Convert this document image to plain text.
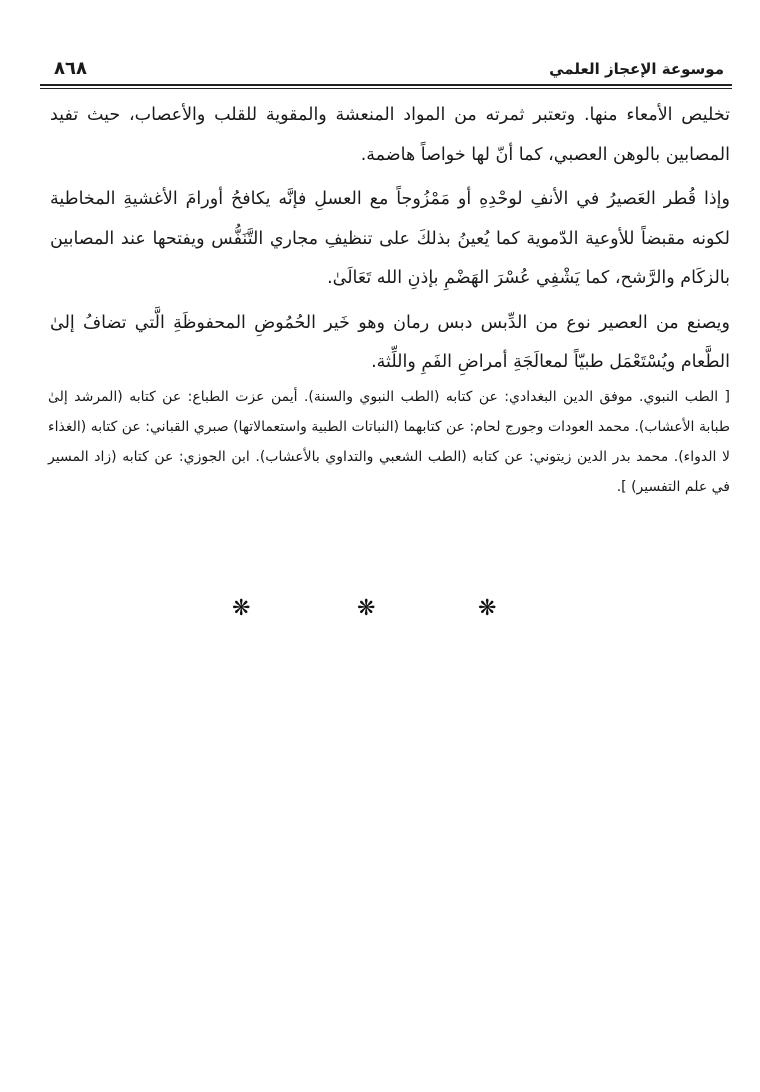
موسوعة الإعجاز العلمي
٨٦٨

تخليص الأمعاء منها. وتعتبر ثمرته من المواد المنعشة والمقوية للقلب والأعصاب، حيث تفيد المصابين بالوهن العصبي، كما أنّ لها خواصاً هاضمة.

وإذا قُطر العَصيرُ في الأنفِ لوحْدِهِ أو مَمْزُوجاً مع العسلِ فإنَّه يكافحُ أورامَ الأغشيةِ المخاطية لكونه مقبضاً للأوعية الدّموية كما يُعينُ بذلكَ على تنظيفِ مجاري التَّنَفُّس ويفتحها عند المصابين بالزكَام والرَّشح، كما يَشْفِي عُسْرَ الهَضْمِ بإذنِ الله تَعَالَىٰ.

ويصنع من العصير نوع من الدِّبس دبس رمان وهو خَير الحُمُوضِ المحفوظَةِ الَّتي تضافُ إلىٰ الطَّعام ويُسْتَعْمَل طبيّاً لمعالَجَةِ أمراضِ الفَمِ واللِّثة.

[ الطب النبوي. موفق الدين البغدادي: عن كتابه (الطب النبوي والسنة). أيمن عزت الطباع: عن كتابه (المرشد إلىٰ طبابة الأعشاب). محمد العودات وجورج لحام: عن كتابهما (النباتات الطبية واستعمالاتها) صبري القباني: عن كتابه (الغذاء لا الدواء). محمد بدر الدين زيتوني: عن كتابه (الطب الشعبي والتداوي بالأعشاب). ابن الجوزي: عن كتابه (زاد المسير في علم التفسير) ].
❋	❋	❋
